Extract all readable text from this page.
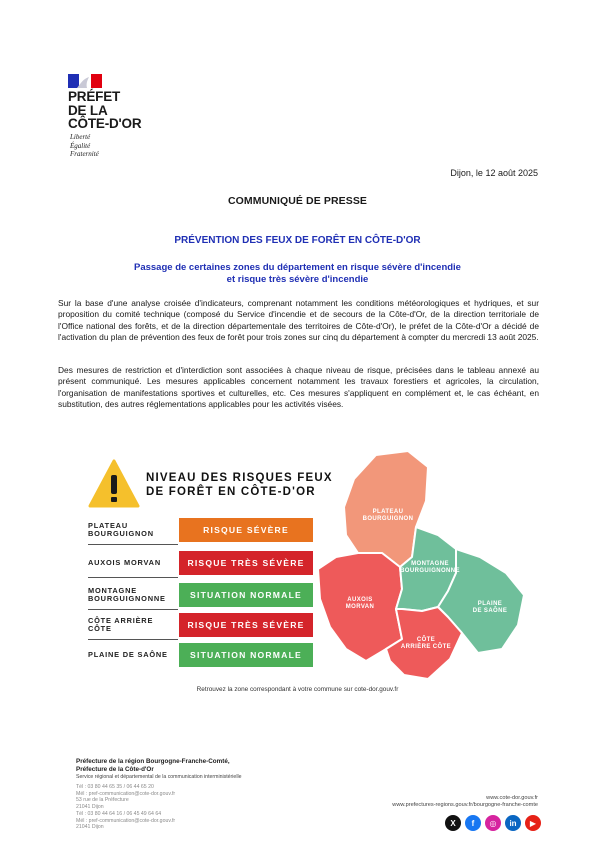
PRÉFET
DE LA
CÔTE-D'OR
Liberté
Égalité
Fraternité
Dijon, le 12 août 2025
COMMUNIQUÉ DE PRESSE
PRÉVENTION DES FEUX DE FORÊT EN CÔTE-D'OR
Passage de certaines zones du département en risque sévère d'incendie
et risque très sévère d'incendie
Sur la base d'une analyse croisée d'indicateurs, comprenant notamment les conditions météorologiques et hydriques, et sur proposition du comité technique (composé du Service d'incendie et de secours de la Côte-d'Or, de la direction territoriale de l'Office national des forêts, et de la direction départementale des territoires de Côte-d'Or), le préfet de la Côte-d'Or a décidé de l'activation du plan de prévention des feux de forêt pour trois zones sur cinq du département à compter du mercredi 13 août 2025.
Des mesures de restriction et d'interdiction sont associées à chaque niveau de risque, précisées dans le tableau annexé au présent communiqué. Les mesures applicables concernent notamment les travaux forestiers et agricoles, la circulation, l'organisation de manifestations sportives et culturelles, etc. Ces mesures s'appliquent en complément et, le cas échéant, en substitution, des autres réglementations applicables pour les activités visées.
NIVEAU DES RISQUES FEUX
DE FORÊT EN CÔTE-D'OR
PLATEAU BOURGUIGNON	RISQUE SÉVÈRE
AUXOIS MORVAN	RISQUE TRÈS SÉVÈRE
MONTAGNE BOURGUIGNONNE	SITUATION NORMALE
CÔTE ARRIÈRE CÔTE	RISQUE TRÈS SÉVÈRE
PLAINE DE SAÔNE	SITUATION NORMALE
PLATEAU BOURGUIGNON
MONTAGNE BOURGUIGNONNE
AUXOIS MORVAN	PLAINE DE SAÔNE
CÔTE ARRIÈRE CÔTE
Retrouvez la zone correspondant à votre commune sur cote-dor.gouv.fr
Préfecture de la région Bourgogne-Franche-Comté,
Préfecture de la Côte-d'Or
Service régional et départemental de la communication interministérielle
Tél : 03 80 44 65 35 / 06 44 65 20
Mél : pref-communication@cote-dor.gouv.fr
53 rue de la Préfecture
21041 Dijon
Tél : 03 80 44 64 16 / 06 45 49 64 64
Mél : pref-communication@cote-dor.gouv.fr
21041 Dijon
www.cote-dor.gouv.fr
www.prefectures-regions.gouv.fr/bourgogne-franche-comte
X	f	◎	in	▶
